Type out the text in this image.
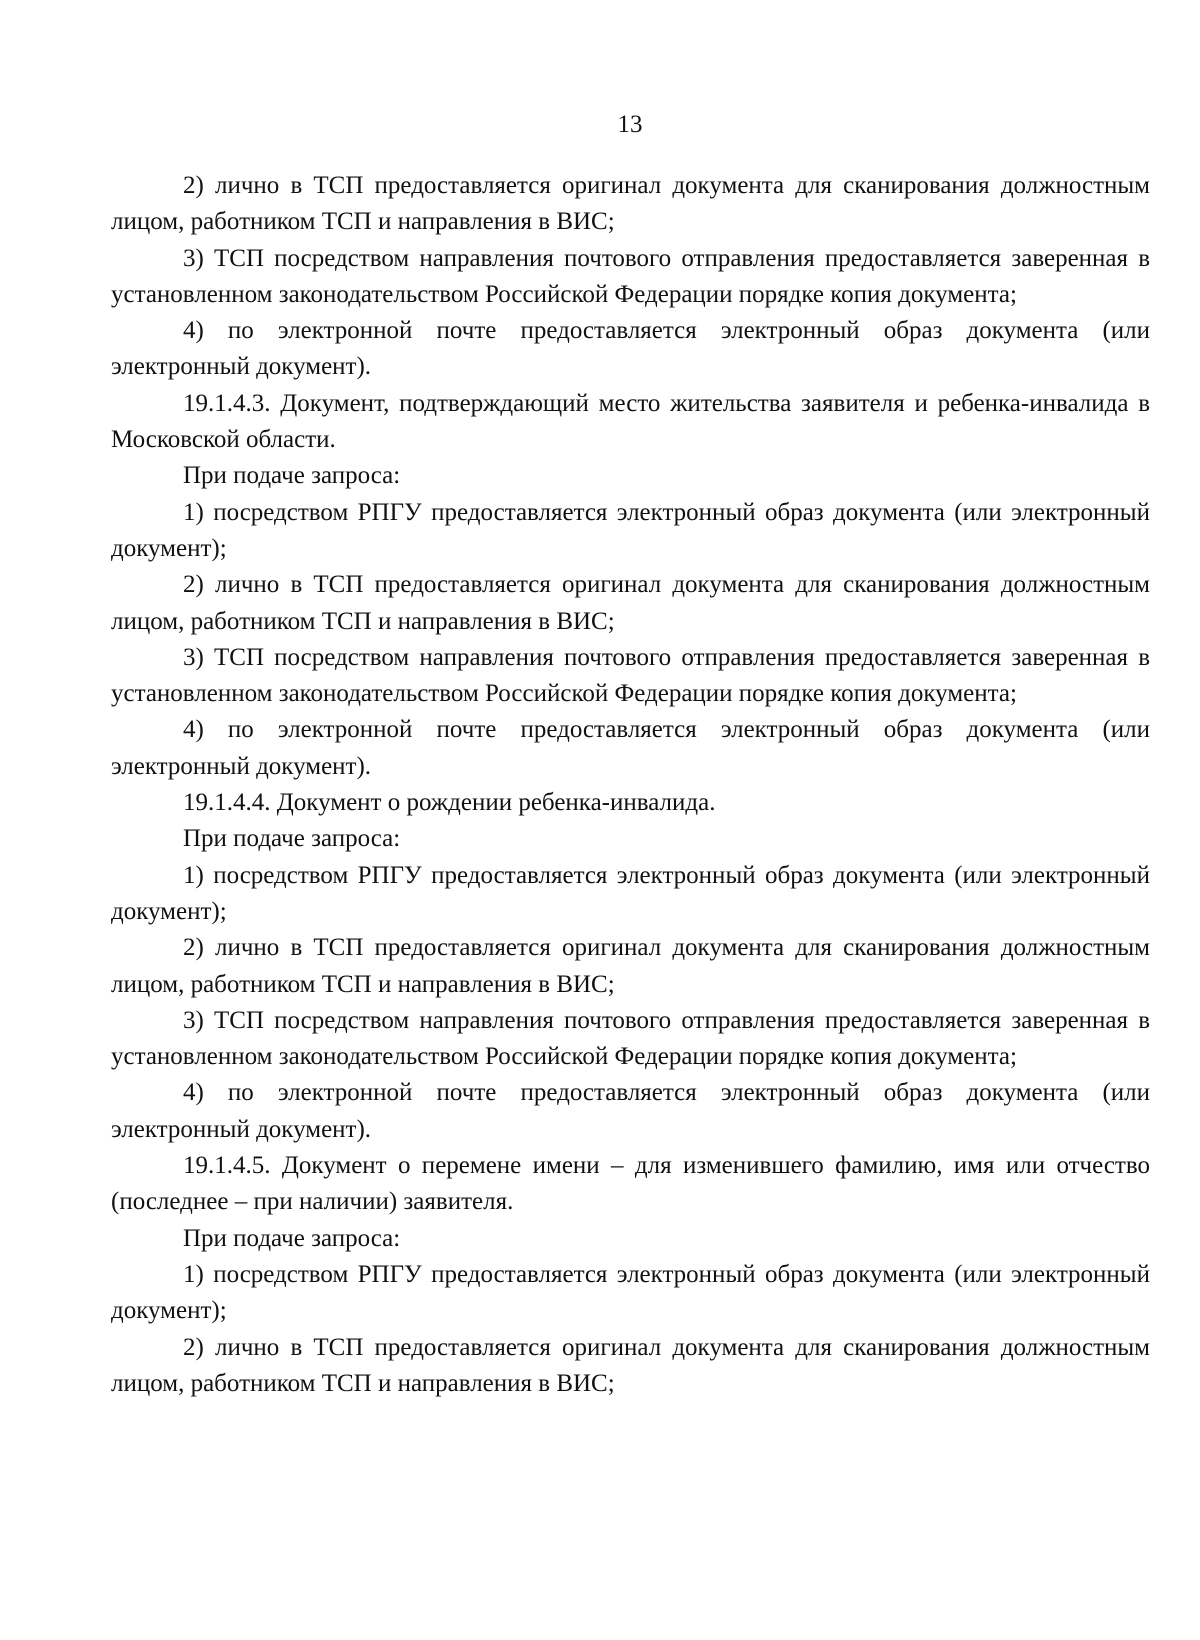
13

2) лично в ТСП предоставляется оригинал документа для сканирования должностным лицом, работником ТСП и направления в ВИС;

3) ТСП посредством направления почтового отправления предоставляется заверенная в установленном законодательством Российской Федерации порядке копия документа;

4) по электронной почте предоставляется электронный образ документа (или электронный документ).

19.1.4.3. Документ, подтверждающий место жительства заявителя и ребенка-инвалида в Московской области.

При подаче запроса:

1) посредством РПГУ предоставляется электронный образ документа (или электронный документ);

2) лично в ТСП предоставляется оригинал документа для сканирования должностным лицом, работником ТСП и направления в ВИС;

3) ТСП посредством направления почтового отправления предоставляется заверенная в установленном законодательством Российской Федерации порядке копия документа;

4) по электронной почте предоставляется электронный образ документа (или электронный документ).

19.1.4.4. Документ о рождении ребенка-инвалида.

При подаче запроса:

1) посредством РПГУ предоставляется электронный образ документа (или электронный документ);

2) лично в ТСП предоставляется оригинал документа для сканирования должностным лицом, работником ТСП и направления в ВИС;

3) ТСП посредством направления почтового отправления предоставляется заверенная в установленном законодательством Российской Федерации порядке копия документа;

4) по электронной почте предоставляется электронный образ документа (или электронный документ).

19.1.4.5. Документ о перемене имени – для изменившего фамилию, имя или отчество (последнее – при наличии) заявителя.

При подаче запроса:

1) посредством РПГУ предоставляется электронный образ документа (или электронный документ);

2) лично в ТСП предоставляется оригинал документа для сканирования должностным лицом, работником ТСП и направления в ВИС;
